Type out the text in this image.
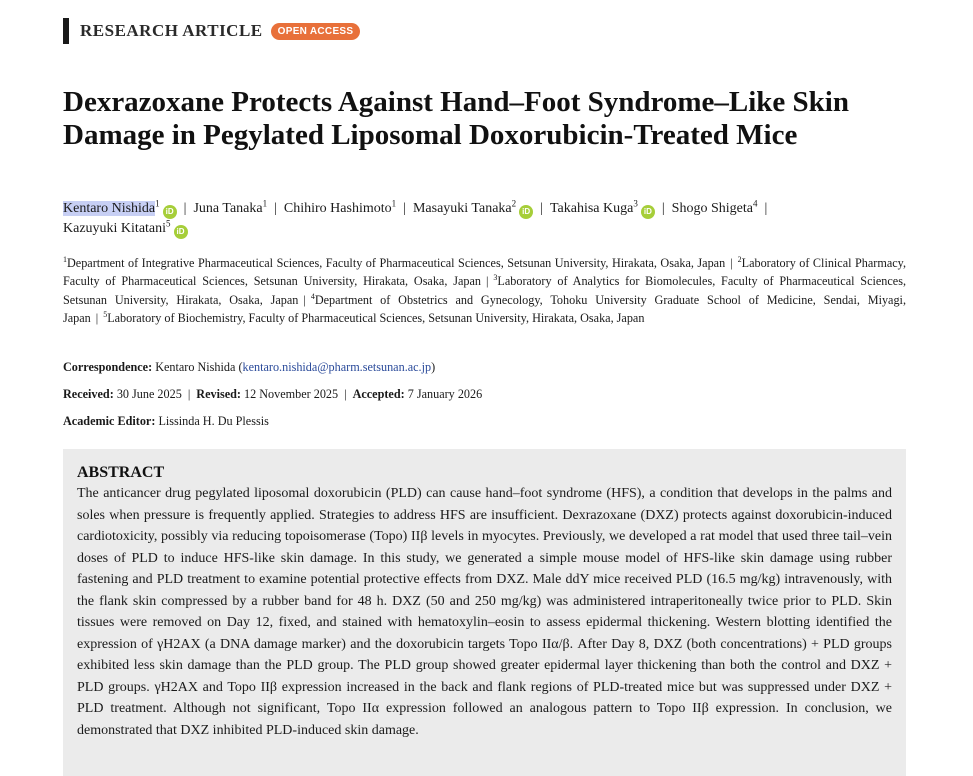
RESEARCH ARTICLE	OPEN ACCESS
Dexrazoxane Protects Against Hand–Foot Syndrome–Like Skin Damage in Pegylated Liposomal Doxorubicin-Treated Mice
Kentaro Nishida$^1$iD | Juna Tanaka$^1$ | Chihiro Hashimoto$^1$ | Masayuki Tanaka$^2$iD | Takahisa Kuga$^3$iD | Shogo Shigeta$^4$ |
Kazuyuki Kitatani$^5$iD

$^1$Department of Integrative Pharmaceutical Sciences, Faculty of Pharmaceutical Sciences, Setsunan University, Hirakata, Osaka, Japan | $^2$Laboratory of Clinical Pharmacy, Faculty of Pharmaceutical Sciences, Setsunan University, Hirakata, Osaka, Japan | $^3$Laboratory of Analytics for Biomolecules, Faculty of Pharmaceutical Sciences, Setsunan University, Hirakata, Osaka, Japan | $^4$Department of Obstetrics and Gynecology, Tohoku University Graduate School of Medicine, Sendai, Miyagi, Japan | $^5$Laboratory of Biochemistry, Faculty of Pharmaceutical Sciences, Setsunan University, Hirakata, Osaka, Japan

Correspondence: Kentaro Nishida (kentaro.nishida@pharm.setsunan.ac.jp)
Received: 30 June 2025 | Revised: 12 November 2025 | Accepted: 7 January 2026
Academic Editor: Lissinda H. Du Plessis
ABSTRACT

The anticancer drug pegylated liposomal doxorubicin (PLD) can cause hand–foot syndrome (HFS), a condition that develops in the palms and soles when pressure is frequently applied. Strategies to address HFS are insufficient. Dexrazoxane (DXZ) protects against doxorubicin-induced cardiotoxicity, possibly via reducing topoisomerase (Topo) IIβ levels in myocytes. Previously, we developed a rat model that used three tail–vein doses of PLD to induce HFS-like skin damage. In this study, we generated a simple mouse model of HFS-like skin damage using rubber fastening and PLD treatment to examine potential protective effects from DXZ. Male ddY mice received PLD (16.5 mg/kg) intravenously, with the flank skin compressed by a rubber band for 48 h. DXZ (50 and 250 mg/kg) was administered intraperitoneally twice prior to PLD. Skin tissues were removed on Day 12, fixed, and stained with hematoxylin–eosin to assess epidermal thickening. Western blotting identified the expression of γH2AX (a DNA damage marker) and the doxorubicin targets Topo IIα/β. After Day 8, DXZ (both concentrations) + PLD groups exhibited less skin damage than the PLD group. The PLD group showed greater epidermal layer thickening than both the control and DXZ + PLD groups. γH2AX and Topo IIβ expression increased in the back and flank regions of PLD-treated mice but was suppressed under DXZ + PLD treatment. Although not significant, Topo IIα expression followed an analogous pattern to Topo IIβ expression. In conclusion, we demonstrated that DXZ inhibited PLD-induced skin damage.
